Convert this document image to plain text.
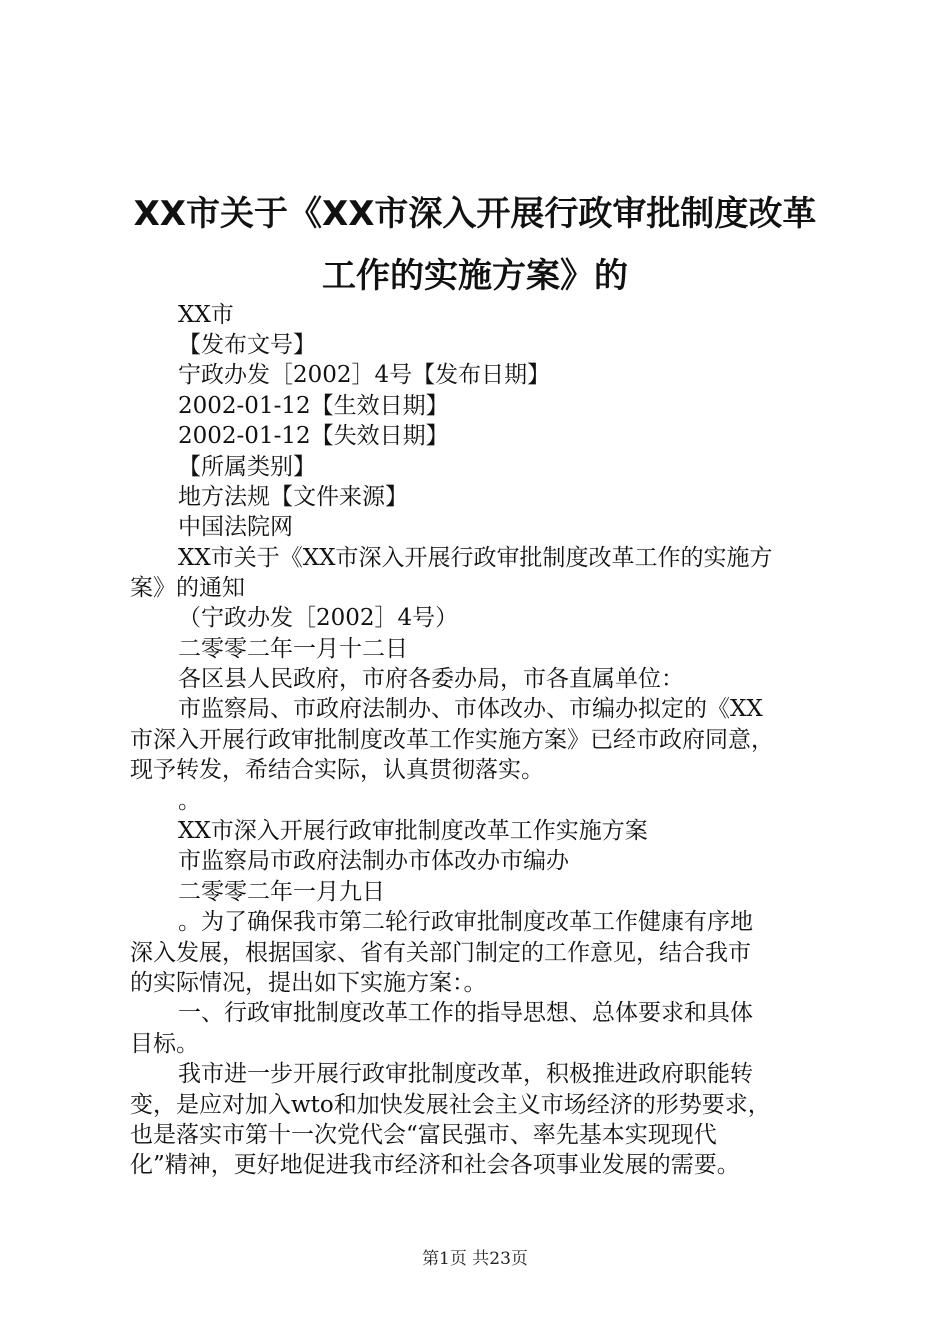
XX市关于《XX市深入开展行政审批制度改革
工作的实施方案》的

XX市

【发布文号】

宁政办发［2002］4号【发布日期】

2002-01-12【生效日期】

2002-01-12【失效日期】

【所属类别】

地方法规【文件来源】

中国法院网

XX市关于《XX市深入开展行政审批制度改革工作的实施方

案》的通知

（宁政办发［2002］4号）

二零零二年一月十二日

各区县人民政府，市府各委办局，市各直属单位：

市监察局、市政府法制办、市体改办、市编办拟定的《XX

市深入开展行政审批制度改革工作实施方案》已经市政府同意，

现予转发，希结合实际，认真贯彻落实。

。

XX市深入开展行政审批制度改革工作实施方案

市监察局市政府法制办市体改办市编办

二零零二年一月九日

。为了确保我市第二轮行政审批制度改革工作健康有序地

深入发展，根据国家、省有关部门制定的工作意见，结合我市

的实际情况，提出如下实施方案：。

一、行政审批制度改革工作的指导思想、总体要求和具体

目标。

我市进一步开展行政审批制度改革，积极推进政府职能转

变，是应对加入wto和加快发展社会主义市场经济的形势要求，

也是落实市第十一次党代会“富民强市、率先基本实现现代

化”精神，更好地促进我市经济和社会各项事业发展的需要。

第1页 共23页
